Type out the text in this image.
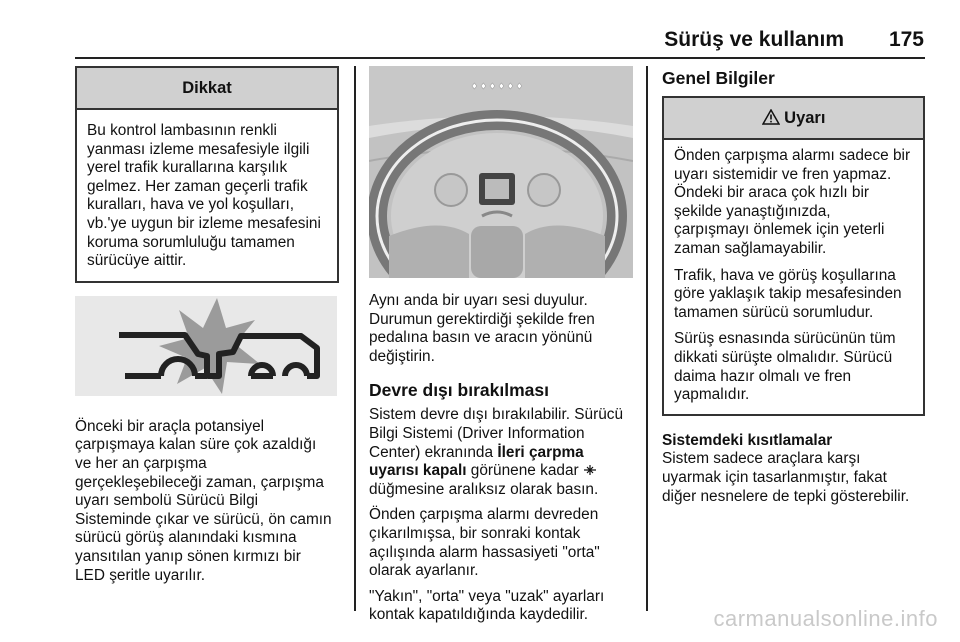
Sürüş ve kullanım 175
Dikkat
Bu kontrol lambasının renkli
yanması izleme mesafesiyle ilgili
yerel trafik kurallarına karşılık
gelmez. Her zaman geçerli trafik
kuralları, hava ve yol koşulları,
vb.'ye uygun bir izleme mesafesini
koruma sorumluluğu tamamen
sürücüye aittir.
Önceki bir araçla potansiyel
çarpışmaya kalan süre çok azaldığı
ve her an çarpışma
gerçekleşebileceği zaman, çarpışma
uyarı sembolü Sürücü Bilgi
Sisteminde çıkar ve sürücü, ön camın
sürücü görüş alanındaki kısmına
yansıtılan yanıp sönen kırmızı bir
LED şeritle uyarılır.
Aynı anda bir uyarı sesi duyulur.
Durumun gerektirdiği şekilde fren
pedalına basın ve aracın yönünü
değiştirin.
Devre dışı bırakılması
Sistem devre dışı bırakılabilir. Sürücü
Bilgi Sistemi (Driver Information
Center) ekranında İleri çarpma
uyarısı kapalı görünene kadar
düğmesine aralıksız olarak basın.
Önden çarpışma alarmı devreden
çıkarılmışsa, bir sonraki kontak
açılışında alarm hassasiyeti "orta"
olarak ayarlanır.
"Yakın", "orta" veya "uzak" ayarları
kontak kapatıldığında kaydedilir.
Genel Bilgiler
Uyarı

Önden çarpışma alarmı sadece bir
uyarı sistemidir ve fren yapmaz.
Öndeki bir araca çok hızlı bir
şekilde yanaştığınızda,
çarpışmayı önlemek için yeterli
zaman sağlamayabilir.

Trafik, hava ve görüş koşullarına
göre yaklaşık takip mesafesinden
tamamen sürücü sorumludur.

Sürüş esnasında sürücünün tüm
dikkati sürüşte olmalıdır. Sürücü
daima hazır olmalı ve fren
yapmalıdır.

Sistemdeki kısıtlamalar
Sistem sadece araçlara karşı
uyarmak için tasarlanmıştır, fakat
diğer nesnelere de tepki gösterebilir.
carmanualsonline.info
